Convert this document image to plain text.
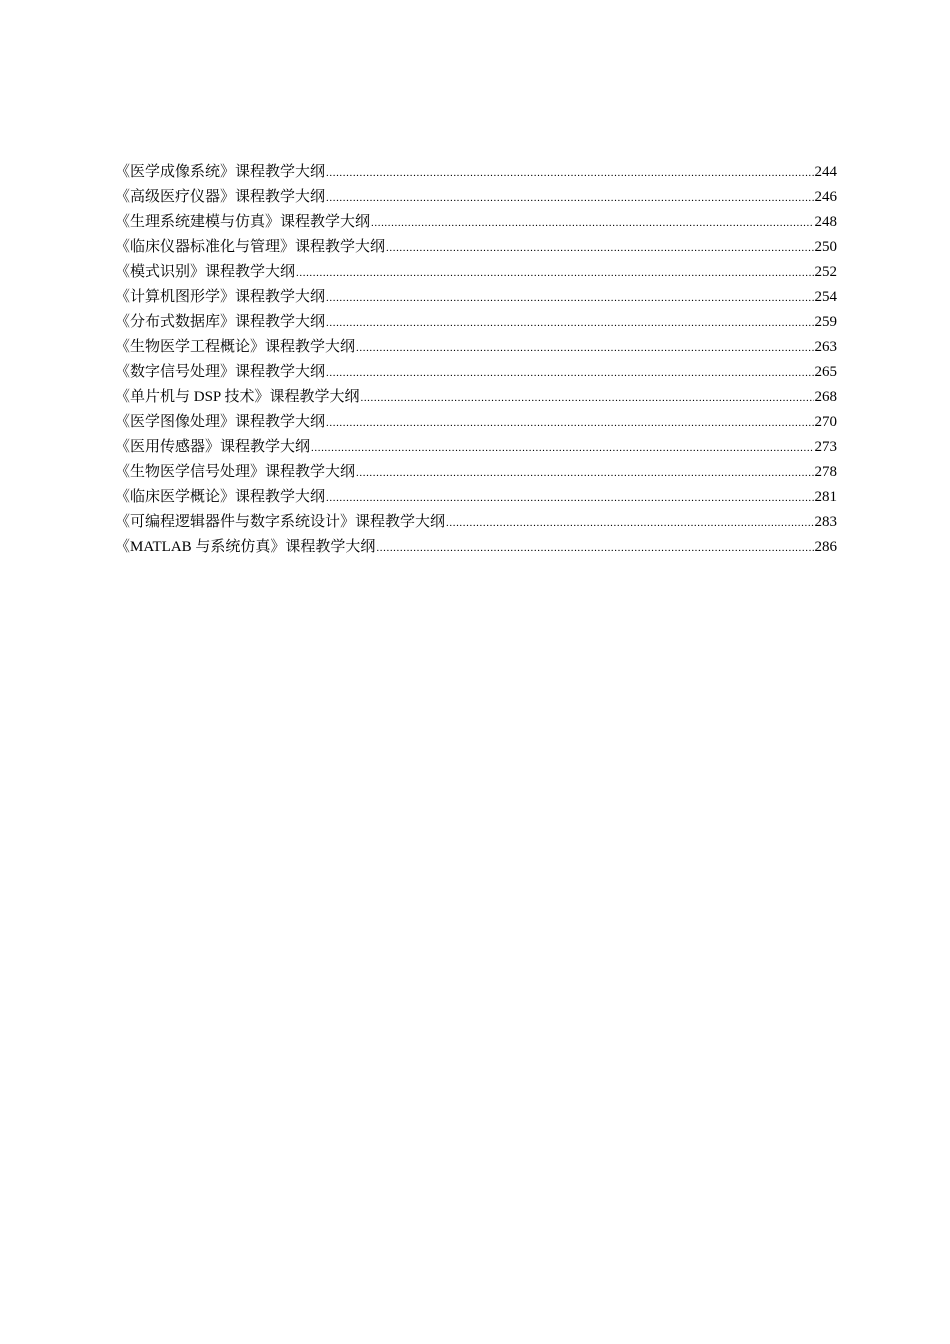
《医学成像系统》课程教学大纲 .....	244
《高级医疗仪器》课程教学大纲 .....	246
《生理系统建模与仿真》课程教学大纲 .....	248
《临床仪器标准化与管理》课程教学大纲 .....	250
《模式识别》课程教学大纲 .....	252
《计算机图形学》课程教学大纲 .....	254
《分布式数据库》课程教学大纲 .....	259
《生物医学工程概论》课程教学大纲 .....	263
《数字信号处理》课程教学大纲 .....	265
《单片机与 DSP 技术》课程教学大纲 .....	268
《医学图像处理》课程教学大纲 .....	270
《医用传感器》课程教学大纲 .....	273
《生物医学信号处理》课程教学大纲 .....	278
《临床医学概论》课程教学大纲 .....	281
《可编程逻辑器件与数字系统设计》课程教学大纲 .....	283
《MATLAB 与系统仿真》课程教学大纲 .....	286
